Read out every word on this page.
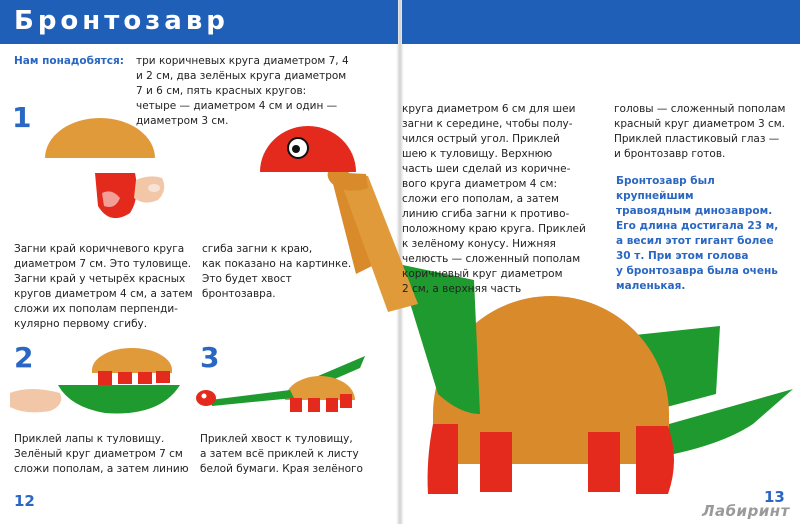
Бронтозавр
Нам понадобятся: три коричневых круга диаметром 7, 4
и 2 см, два зелёных круга диаметром
7 и 6 см, пять красных кругов:
четыре — диаметром 4 см и один —
диаметром 3 см.
1
2	3
Загни край коричневого круга
диаметром 7 см. Это туловище.
Загни край у четырёх красных
кругов диаметром 4 см, а затем
сложи их пополам перпенди-
кулярно первому сгибу.
сгиба загни к краю,
как показано на картинке.
Это будет хвост
бронтозавра.
Приклей лапы к туловищу.
Зелёный круг диаметром 7 см
сложи пополам, а затем линию
Приклей хвост к туловищу,
а затем всё приклей к листу
белой бумаги. Края зелёного
12
круга диаметром 6 см для шеи
загни к середине, чтобы полу-
чился острый угол. Приклей
шею к туловищу. Верхнюю
часть шеи сделай из коричне-
вого круга диаметром 4 см:
сложи его пополам, а затем
линию сгиба загни к противо-
положному краю круга. Приклей
к зелёному конусу. Нижняя
челюсть — сложенный пополам
коричневый круг диаметром
2 см, а верхняя часть
головы — сложенный пополам
красный круг диаметром 3 см.
Приклей пластиковый глаз —
и бронтозавр готов.
Бронтозавр был крупнейшим
травоядным динозавром.
Его длина достигала 23 м,
а весил этот гигант более
30 т. При этом голова
у бронтозавра была очень
маленькая.
13
Лабиринт
